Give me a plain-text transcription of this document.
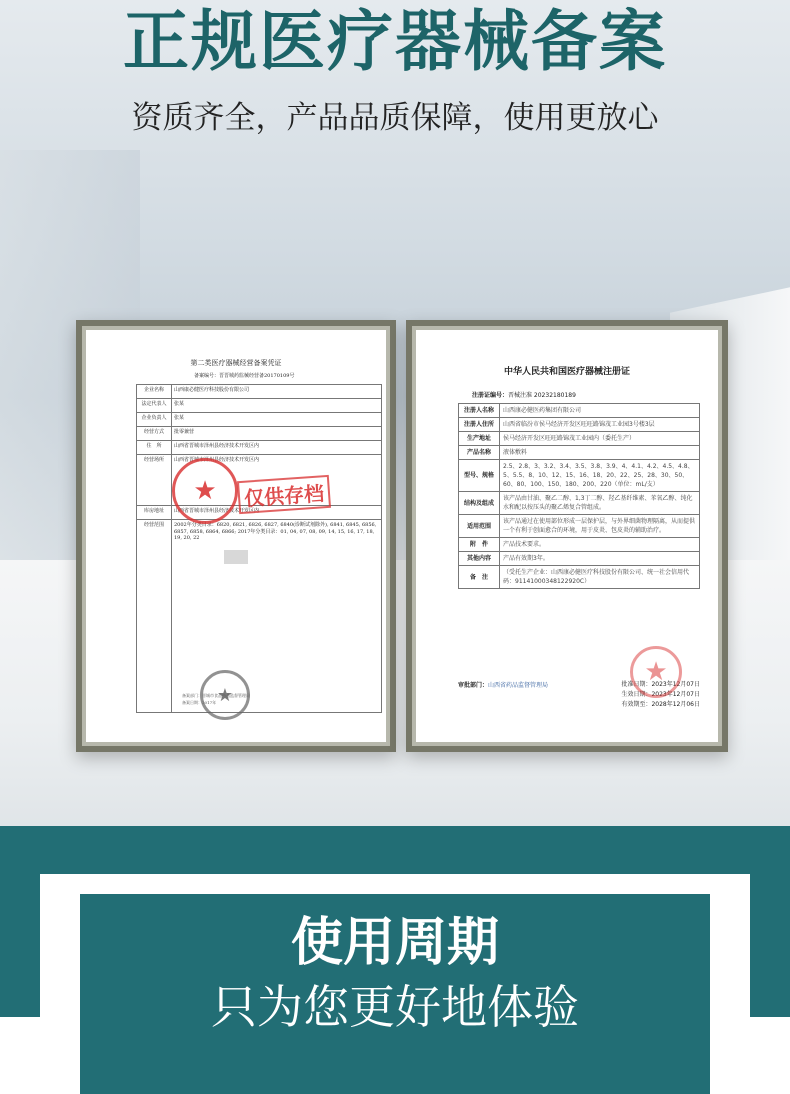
正规医疗器械备案

资质齐全，产品品质保障，使用更放心

第二类医疗器械经营备案凭证
备案编号：晋晋城药监械经营备20170109号
企业名称	山西康必健医疗科技股份有限公司
法定代表人	张某
企业负责人	张某
经营方式	批零兼营
住　所	山西省晋城市泽州县经济技术开发区内
经营场所	山西省晋城市泽州县经济技术开发区内
库房地址	山西省晋城市泽州县经济技术开发区内
经营范围	2002年分类目录：6820, 6821, 6826, 6827, 6840(诊断试剂除外), 6841, 6845, 6856, 6857, 6858, 6864, 6866; 2017年分类目录：01, 04, 07, 08, 09, 14, 15, 16, 17, 18, 19, 20, 22
备案部门：晋城市食品药品监督管理局
备案日期：2017年
★	仅供存档
★
中华人民共和国医疗器械注册证
注册证编号：晋械注准 20232180189
注册人名称	山西康必健医药集团有限公司
注册人住所	山西省临汾市侯马经济开发区旺旺路锦茂工业园3号楼3层
生产地址	侯马经济开发区旺旺路锦茂工业园内（委托生产）
产品名称	液体敷料
型号、规格	2.5、2.8、3、3.2、3.4、3.5、3.8、3.9、4、4.1、4.2、4.5、4.8、5、5.5、8、10、12、15、16、18、20、22、25、28、30、50、60、80、100、150、180、200、220（单位：mL/支）
结构及组成	该产品由甘油、聚乙二醇、1,3丁二醇、羟乙基纤维素、苯氧乙醇、纯化水和配以按压头的聚乙烯复合管组成。
适用范围	该产品通过在使用部位形成一层保护层，与外界细菌物理隔离，从而提供一个有利于创面愈合的环境，用于皮炎、包皮炎的辅助治疗。
附　件	产品技术要求。
其他内容	产品有效期3年。
备　注	（受托生产企业：山西康必健医疗科技股份有限公司、统一社会信用代码：91141000348122920C）
审批部门：山西省药品监督管理局	批准日期：2023年12月07日
生效日期：2023年12月07日
有效期至：2028年12月06日
★
使用周期

只为您更好地体验
